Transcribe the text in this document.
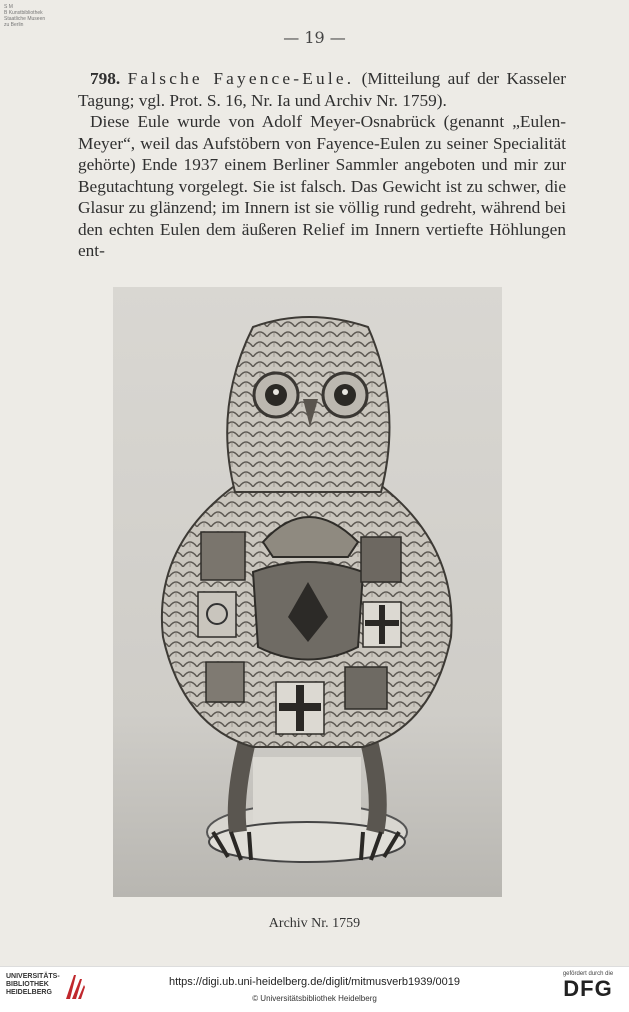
S M
B Kunstbibliothek
Staatliche Museen
zu Berlin
— 19 —

798. Falsche Fayence-Eule. (Mitteilung auf der Kasseler Tagung; vgl. Prot. S. 16, Nr. Ia und Archiv Nr. 1759).

Diese Eule wurde von Adolf Meyer-Osnabrück (genannt „Eulen-Meyer“, weil das Aufstöbern von Fayence-Eulen zu seiner Specialität gehörte) Ende 1937 einem Berliner Sammler angeboten und mir zur Begutachtung vorgelegt. Sie ist falsch. Das Gewicht ist zu schwer, die Glasur zu glänzend; im Innern ist sie völlig rund gedreht, während bei den echten Eulen dem äußeren Relief im Innern vertiefte Höhlungen ent-

Archiv Nr. 1759
UNIVERSITÄTS-
BIBLIOTHEK
HEIDELBERG
https://digi.ub.uni-heidelberg.de/diglit/mitmusverb1939/0019
© Universitätsbibliothek Heidelberg
gefördert durch die
DFG
